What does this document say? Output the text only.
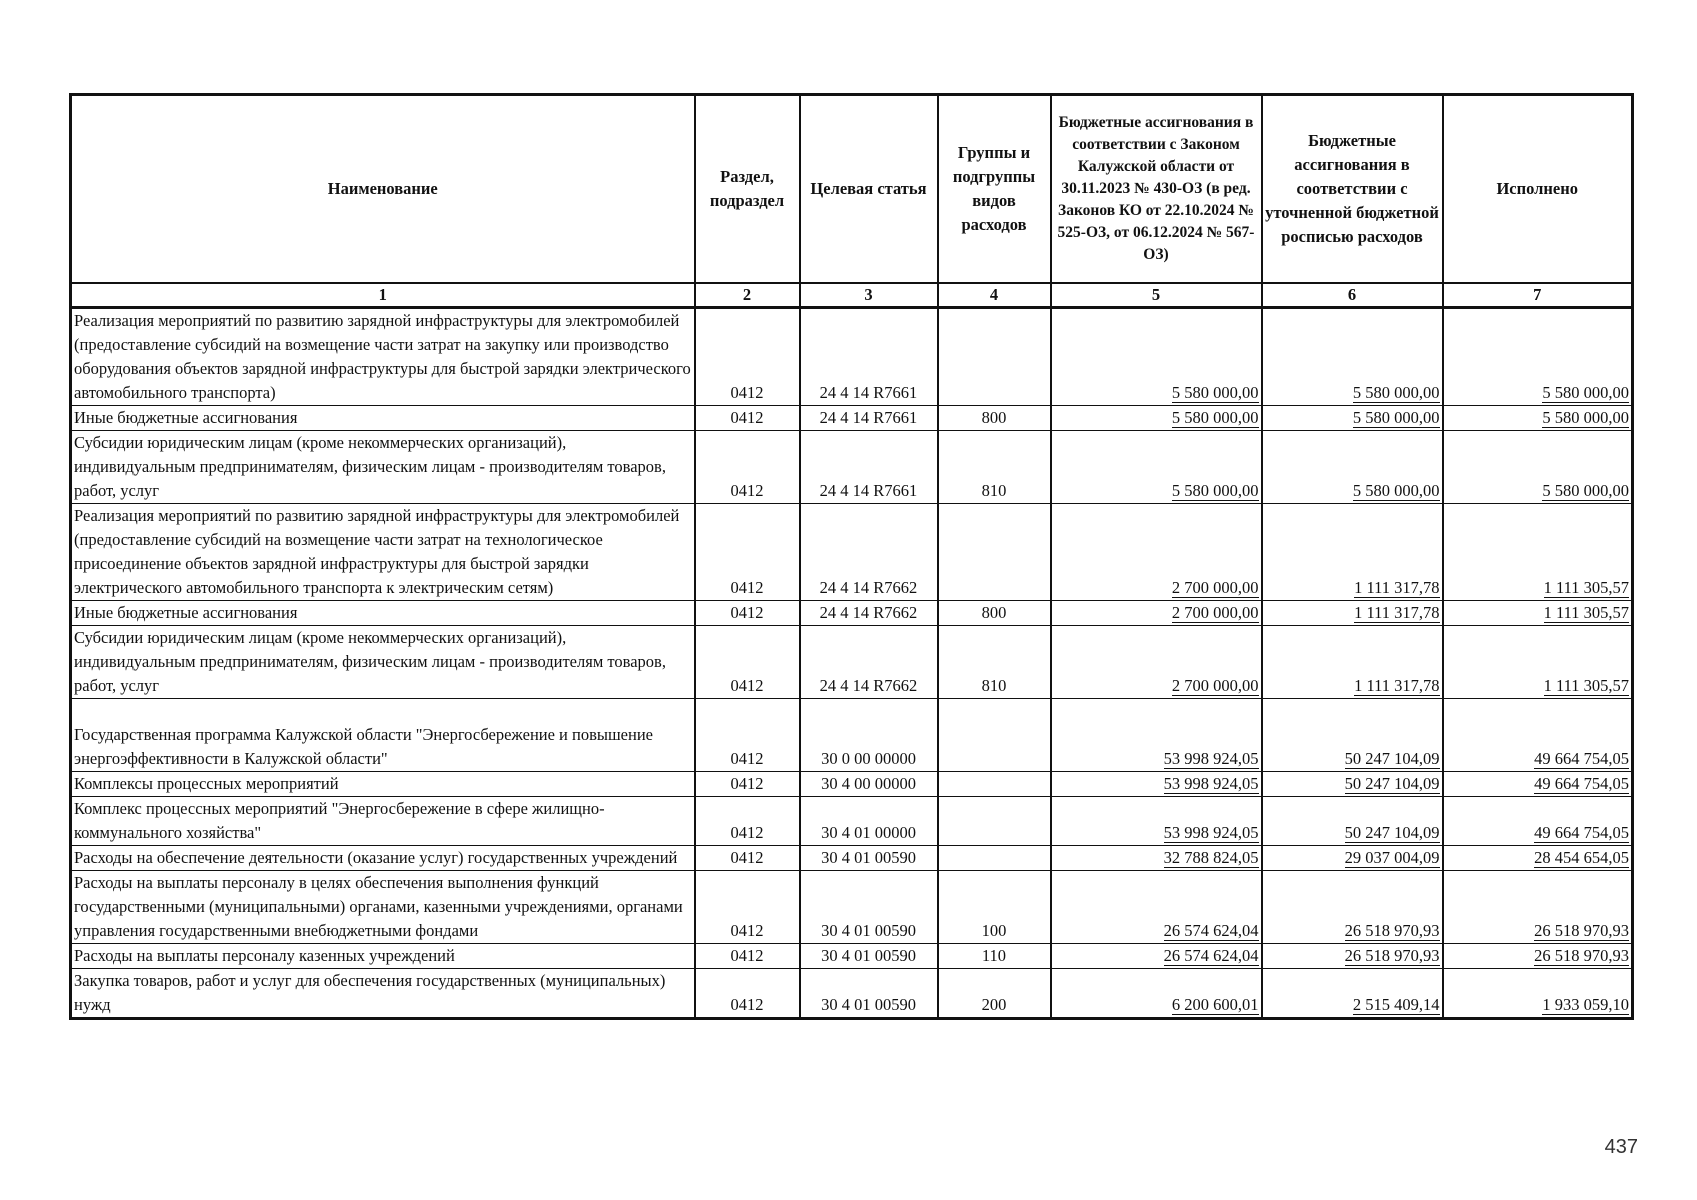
Наименование	Раздел, подраздел	Целевая статья	Группы и подгруппы видов расходов	Бюджетные ассигнования в соответствии с Законом Калужской области от 30.11.2023 № 430-ОЗ (в ред. Законов КО от 22.10.2024 № 525-ОЗ, от 06.12.2024 № 567-ОЗ)	Бюджетные ассигнования в соответствии с уточненной бюджетной росписью расходов	Исполнено
1	2	3	4	5	6	7
Реализация мероприятий по развитию зарядной инфраструктуры для электромобилей (предоставление субсидий на возмещение части затрат на закупку или производство оборудования объектов зарядной инфраструктуры для быстрой зарядки электрического автомобильного транспорта)	0412	24 4 14 R7661		5 580 000,00	5 580 000,00	5 580 000,00
Иные бюджетные ассигнования	0412	24 4 14 R7661	800	5 580 000,00	5 580 000,00	5 580 000,00
Субсидии юридическим лицам (кроме некоммерческих организаций), индивидуальным предпринимателям, физическим лицам - производителям товаров, работ, услуг	0412	24 4 14 R7661	810	5 580 000,00	5 580 000,00	5 580 000,00
Реализация мероприятий по развитию зарядной инфраструктуры для электромобилей (предоставление субсидий на возмещение части затрат на технологическое присоединение объектов зарядной инфраструктуры для быстрой зарядки электрического автомобильного транспорта к электрическим сетям)	0412	24 4 14 R7662		2 700 000,00	1 111 317,78	1 111 305,57
Иные бюджетные ассигнования	0412	24 4 14 R7662	800	2 700 000,00	1 111 317,78	1 111 305,57
Субсидии юридическим лицам (кроме некоммерческих организаций), индивидуальным предпринимателям, физическим лицам - производителям товаров, работ, услуг	0412	24 4 14 R7662	810	2 700 000,00	1 111 317,78	1 111 305,57
Государственная программа Калужской области "Энергосбережение и повышение энергоэффективности в Калужской области"	0412	30 0 00 00000		53 998 924,05	50 247 104,09	49 664 754,05
Комплексы процессных мероприятий	0412	30 4 00 00000		53 998 924,05	50 247 104,09	49 664 754,05
Комплекс процессных мероприятий "Энергосбережение в сфере жилищно-коммунального хозяйства"	0412	30 4 01 00000		53 998 924,05	50 247 104,09	49 664 754,05
Расходы на обеспечение деятельности (оказание услуг) государственных учреждений	0412	30 4 01 00590		32 788 824,05	29 037 004,09	28 454 654,05
Расходы на выплаты персоналу в целях обеспечения выполнения функций государственными (муниципальными) органами, казенными учреждениями, органами управления государственными внебюджетными фондами	0412	30 4 01 00590	100	26 574 624,04	26 518 970,93	26 518 970,93
Расходы на выплаты персоналу казенных учреждений	0412	30 4 01 00590	110	26 574 624,04	26 518 970,93	26 518 970,93
Закупка товаров, работ и услуг для обеспечения государственных (муниципальных) нужд	0412	30 4 01 00590	200	6 200 600,01	2 515 409,14	1 933 059,10
437
